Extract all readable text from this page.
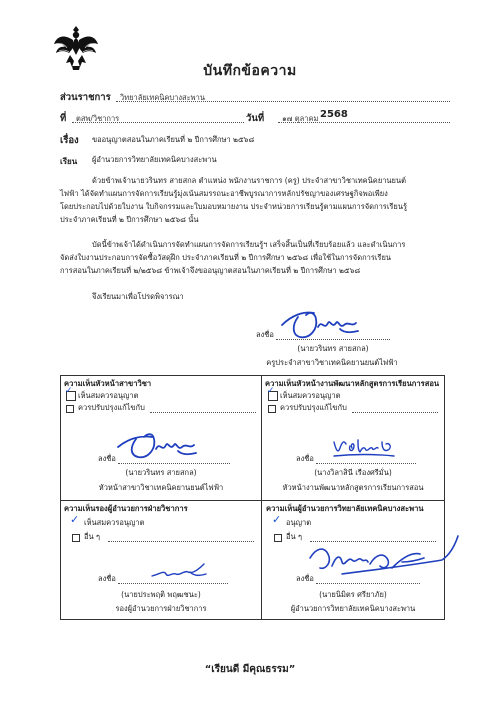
บันทึกข้อความ
ส่วนราชการ วิทยาลัยเทคนิคบางสะพาน
ที่ ตสพ/วิชาการ	วันที่ ๑๗ ตุลาคม 2568
เรื่อง ขออนุญาตสอนในภาคเรียนที่ ๒ ปีการศึกษา ๒๕๖๘
เรียน ผู้อำนวยการวิทยาลัยเทคนิคบางสะพาน
ด้วยข้าพเจ้านายวรินทร สายสกล ตำแหน่ง พนักงานราชการ (ครู) ประจำสาขาวิชาเทคนิคยานยนต์
ไฟฟ้า ได้จัดทำแผนการจัดการเรียนรู้มุ่งเน้นสมรรถนะอาชีพบูรณาการหลักปรัชญาของเศรษฐกิจพอเพียง
โดยประกอบไปด้วยใบงาน ใบกิจกรรมและใบมอบหมายงาน ประจำหน่วยการเรียนรู้ตามแผนการจัดการเรียนรู้
ประจำภาคเรียนที่ ๒ ปีการศึกษา ๒๕๖๘ นั้น
บัดนี้ข้าพเจ้าได้ดำเนินการจัดทำแผนการจัดการเรียนรู้ฯ เสร็จสิ้นเป็นที่เรียบร้อยแล้ว และดำเนินการ
จัดส่งใบงานประกอบการจัดซื้อวัสดุฝึก ประจำภาคเรียนที่ ๒ ปีการศึกษา ๒๕๖๘ เพื่อใช้ในการจัดการเรียน
การสอนในภาคเรียนที่ ๒/๒๕๖๘ ข้าพเจ้าจึงขออนุญาตสอนในภาคเรียนที่ ๒ ปีการศึกษา ๒๕๖๘
จึงเรียนมาเพื่อโปรดพิจารณา
ลงชื่อ
(นายวรินทร สายสกล)
ครูประจำสาขาวิชาเทคนิคยานยนต์ไฟฟ้า
ความเห็นหัวหน้าสาขาวิชา
✓ เห็นสมควรอนุญาต
ควรปรับปรุงแก้ไขกับ
ลงชื่อ
(นายวรินทร สายสกล)
หัวหน้าสาขาวิชาเทคนิคยานยนต์ไฟฟ้า
ความเห็นหัวหน้างานพัฒนาหลักสูตรการเรียนการสอน
✓ เห็นสมควรอนุญาต
ควรปรับปรุงแก้ไขกับ
ลงชื่อ
(นางวิลาสินี เรืองศรีมั่น)
หัวหน้างานพัฒนาหลักสูตรการเรียนการสอน
ความเห็นรองผู้อำนวยการฝ่ายวิชาการ
✓ เห็นสมควรอนุญาต
อื่น ๆ
ลงชื่อ
(นายประพฤติ พฤฒชนะ)
รองผู้อำนวยการฝ่ายวิชาการ
ความเห็นผู้อำนวยการวิทยาลัยเทคนิคบางสะพาน
✓ อนุญาต
อื่น ๆ
ลงชื่อ
(นายนิมิตร ศรียาภัย)
ผู้อำนวยการวิทยาลัยเทคนิคบางสะพาน
“เรียนดี มีคุณธรรม”
